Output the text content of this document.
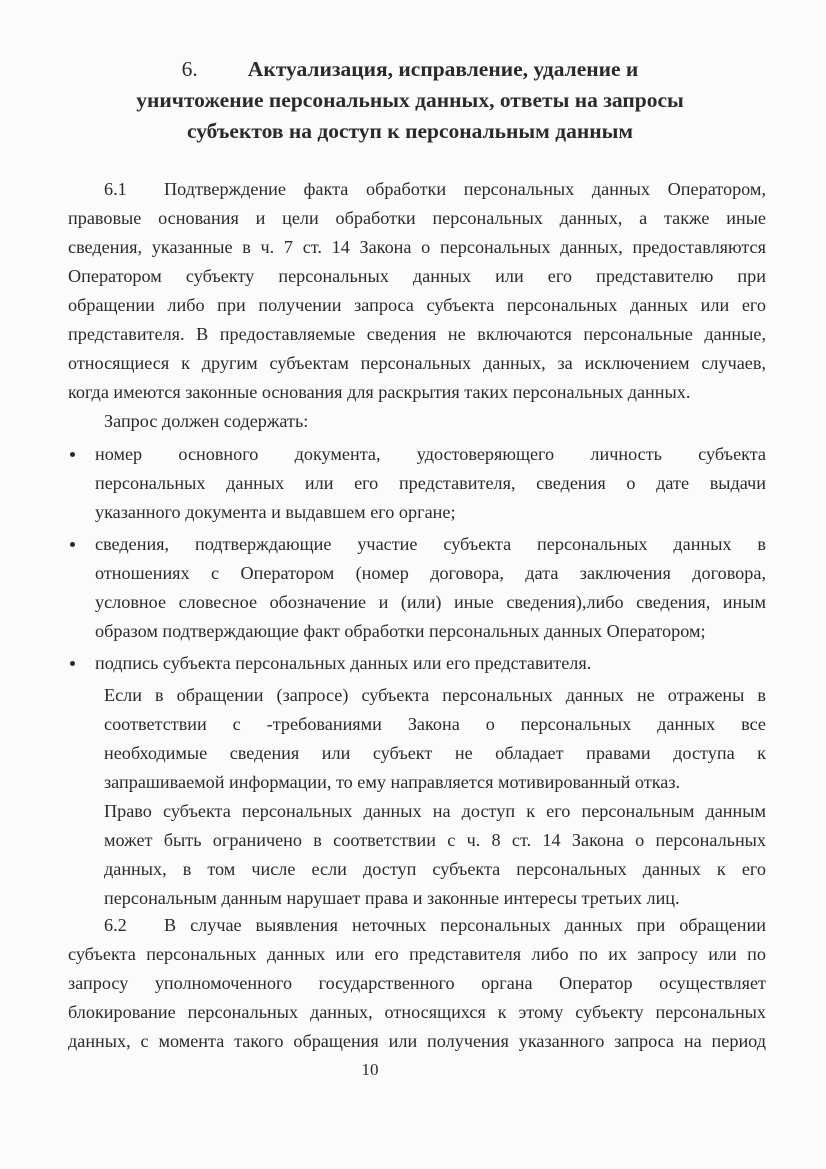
6. Актуализация, исправление, удаление и
уничтожение персональных данных, ответы на запросы
субъектов на доступ к персональным данным
6.1 Подтверждение факта обработки персональных данных Оператором,
правовые основания и цели обработки персональных данных, а также иные
сведения, указанные в ч. 7 ст. 14 Закона о персональных данных, предоставляются
Оператором субъекту персональных данных или его представителю при
обращении либо при получении запроса субъекта персональных данных или его
представителя. В предоставляемые сведения не включаются персональные данные,
относящиеся к другим субъектам персональных данных, за исключением случаев,
когда имеются законные основания для раскрытия таких персональных данных.
Запрос должен содержать:
номер основного документа, удостоверяющего личность субъекта
персональных данных или его представителя, сведения о дате выдачи
указанного документа и выдавшем его органе;
сведения, подтверждающие участие субъекта персональных данных в
отношениях с Оператором (номер договора, дата заключения договора,
условное словесное обозначение и (или) иные сведения),либо сведения, иным
образом подтверждающие факт обработки персональных данных Оператором;
подпись субъекта персональных данных или его представителя.
Если в обращении (запросе) субъекта персональных данных не отражены в
соответствии с -требованиями Закона о персональных данных все
необходимые сведения или субъект не обладает правами доступа к
запрашиваемой информации, то ему направляется мотивированный отказ.
Право субъекта персональных данных на доступ к его персональным данным
может быть ограничено в соответствии с ч. 8 ст. 14 Закона о персональных
данных, в том числе если доступ субъекта персональных данных к его
персональным данным нарушает права и законные интересы третьих лиц.
6.2 В случае выявления неточных персональных данных при обращении
субъекта персональных данных или его представителя либо по их запросу или по
запросу уполномоченного государственного органа Оператор осуществляет
блокирование персональных данных, относящихся к этому субъекту персональных
данных, с момента такого обращения или получения указанного запроса на период
10
